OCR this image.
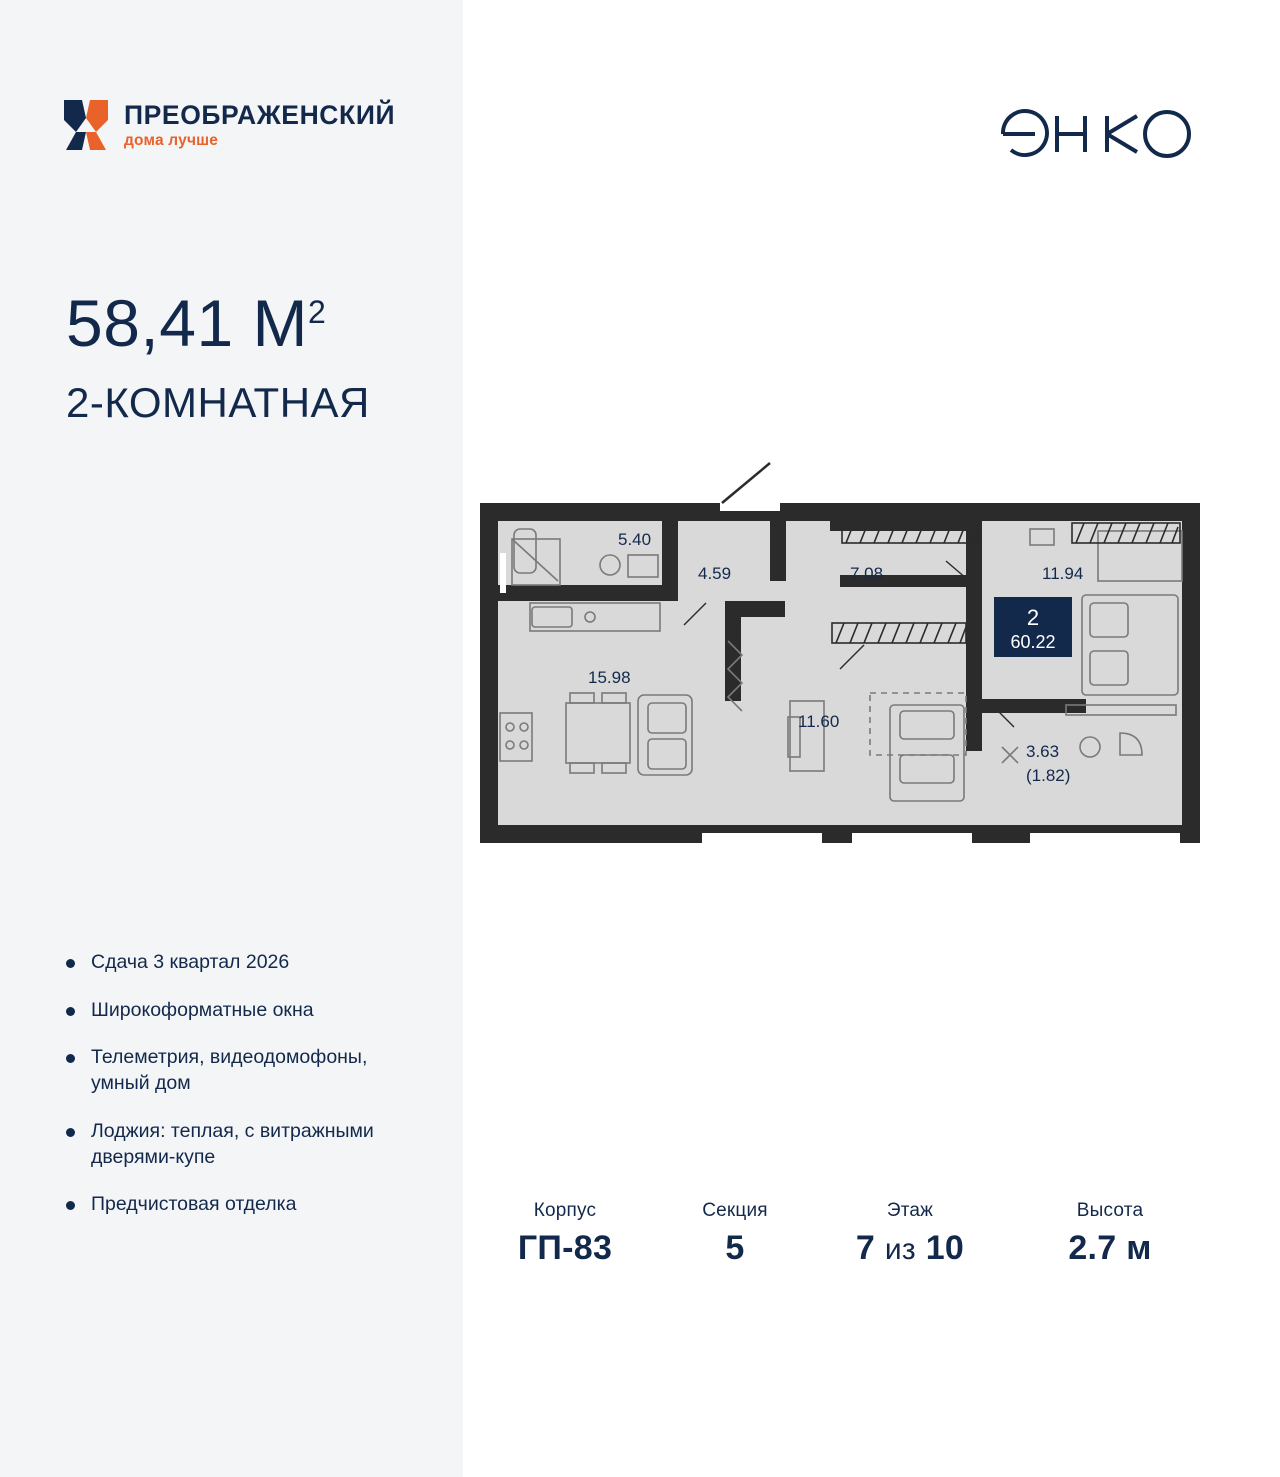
ПРЕОБРАЖЕНСКИЙ
дома лучше
58,41 $M^2$
2-КОМНАТНАЯ
Сдача 3 квартал 2026
Широкоформатные окна
Телеметрия, видеодомофоны, умный дом
Лоджия: теплая, с витражными дверями-купе
Предчистовая отделка
5.40
4.59	7.08	11.94
15.98
11.60
3.63
(1.82)
2
60.22
Корпус
ГП-83
Секция
5
Этаж
7 из 10
Высота
2.7 м
